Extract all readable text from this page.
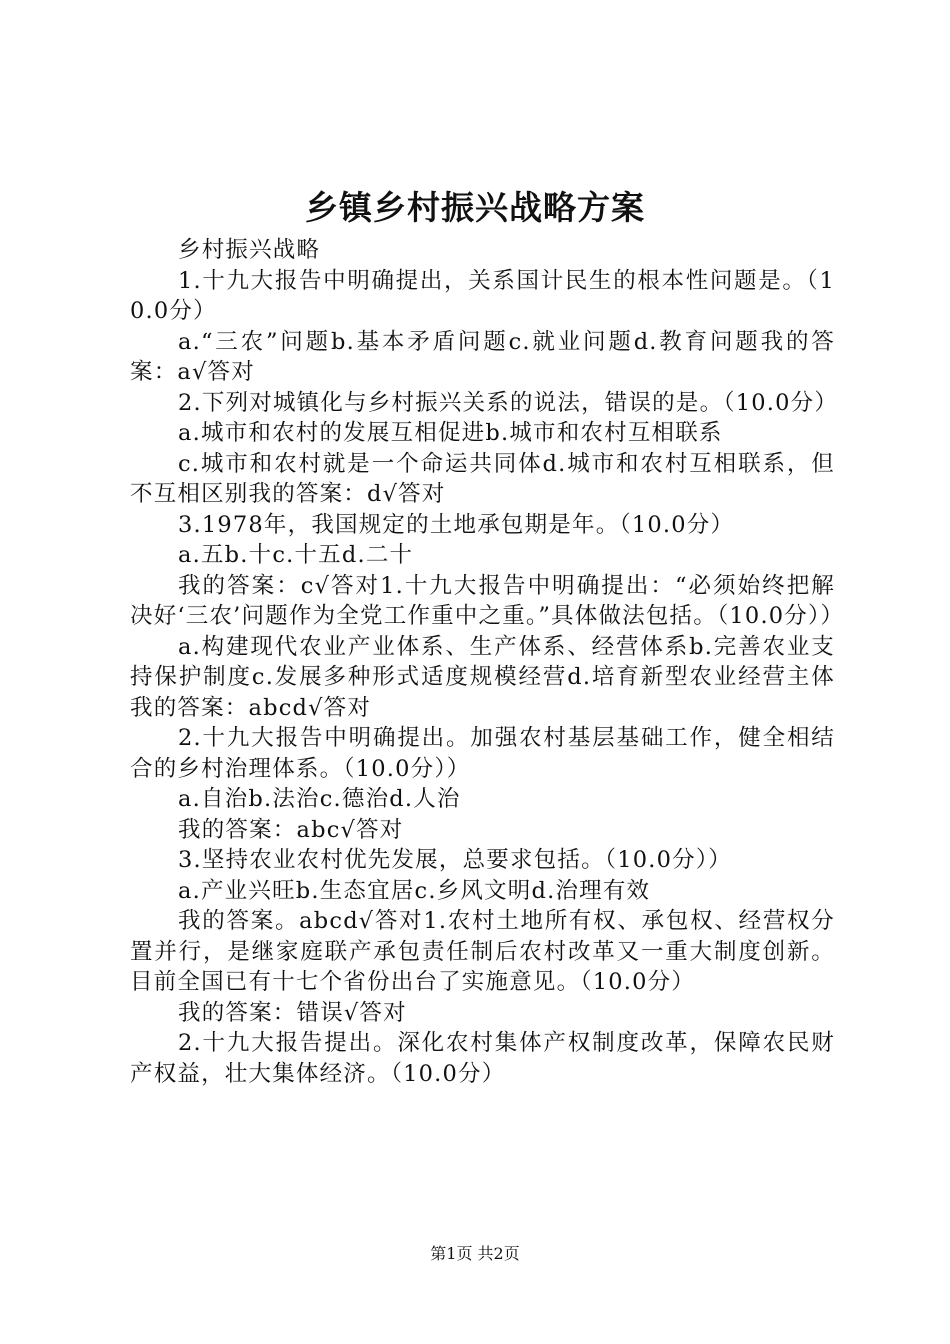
乡镇乡村振兴战略方案

乡村振兴战略

1.十九大报告中明确提出，关系国计民生的根本性问题是。（10.0分）

a.“三农”问题b.基本矛盾问题c.就业问题d.教育问题我的答案：a√答对

2.下列对城镇化与乡村振兴关系的说法，错误的是。（10.0分）

a.城市和农村的发展互相促进b.城市和农村互相联系

c.城市和农村就是一个命运共同体d.城市和农村互相联系，但不互相区别我的答案：d√答对

3.1978年，我国规定的土地承包期是年。（10.0分）

a.五b.十c.十五d.二十

我的答案：c√答对1.十九大报告中明确提出：“必须始终把解决好‘三农’问题作为全党工作重中之重。”具体做法包括。（10.0分））

a.构建现代农业产业体系、生产体系、经营体系b.完善农业支持保护制度c.发展多种形式适度规模经营d.培育新型农业经营主体我的答案：abcd√答对

2.十九大报告中明确提出。加强农村基层基础工作，健全相结合的乡村治理体系。（10.0分））

a.自治b.法治c.德治d.人治

我的答案：abc√答对

3.坚持农业农村优先发展，总要求包括。（10.0分））

a.产业兴旺b.生态宜居c.乡风文明d.治理有效

我的答案。abcd√答对1.农村土地所有权、承包权、经营权分置并行，是继家庭联产承包责任制后农村改革又一重大制度创新。目前全国已有十七个省份出台了实施意见。（10.0分）

我的答案：错误√答对

2.十九大报告提出。深化农村集体产权制度改革，保障农民财产权益，壮大集体经济。（10.0分）

第1页 共2页
